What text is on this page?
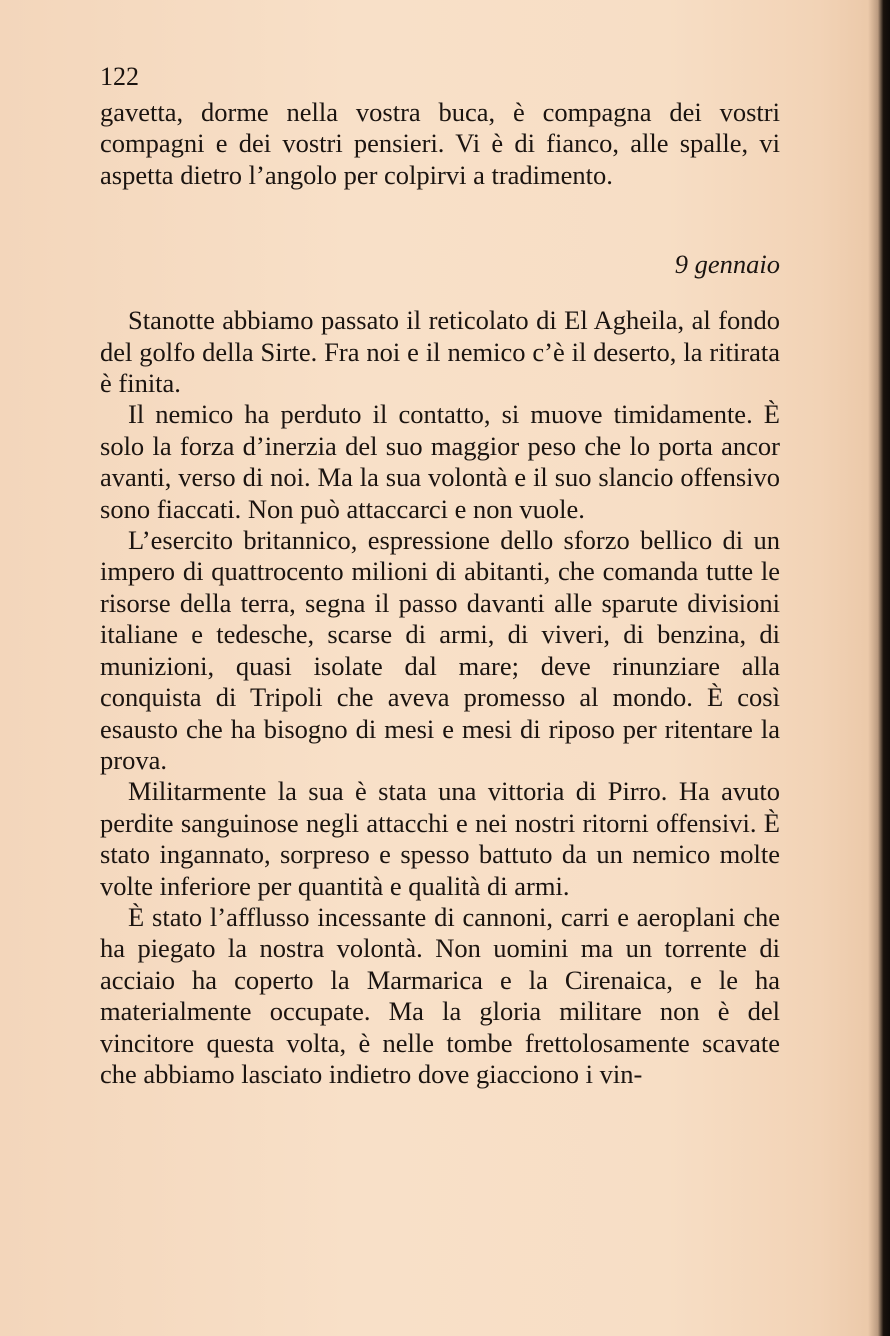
122

gavetta, dorme nella vostra buca, è compagna dei vostri compagni e dei vostri pensieri. Vi è di fianco, alle spalle, vi aspetta dietro l’angolo per colpirvi a tradimento.

9 gennaio

Stanotte abbiamo passato il reticolato di El Agheila, al fondo del golfo della Sirte. Fra noi e il nemico c’è il deserto, la ritirata è finita.

Il nemico ha perduto il contatto, si muove timidamente. È solo la forza d’inerzia del suo maggior peso che lo porta ancor avanti, verso di noi. Ma la sua volontà e il suo slancio offensivo sono fiaccati. Non può attaccarci e non vuole.

L’esercito britannico, espressione dello sforzo bellico di un impero di quattrocento milioni di abitanti, che comanda tutte le risorse della terra, segna il passo davanti alle sparute divisioni italiane e tedesche, scarse di armi, di viveri, di benzina, di munizioni, quasi isolate dal mare; deve rinunziare alla conquista di Tripoli che aveva promesso al mondo. È così esausto che ha bisogno di mesi e mesi di riposo per ritentare la prova.

Militarmente la sua è stata una vittoria di Pirro. Ha avuto perdite sanguinose negli attacchi e nei nostri ritorni offensivi. È stato ingannato, sorpreso e spesso battuto da un nemico molte volte inferiore per quantità e qualità di armi.

È stato l’afflusso incessante di cannoni, carri e aeroplani che ha piegato la nostra volontà. Non uomini ma un torrente di acciaio ha coperto la Marmarica e la Cirenaica, e le ha materialmente occupate. Ma la gloria militare non è del vincitore questa volta, è nelle tombe frettolosamente scavate che abbiamo lasciato indietro dove giacciono i vin-
